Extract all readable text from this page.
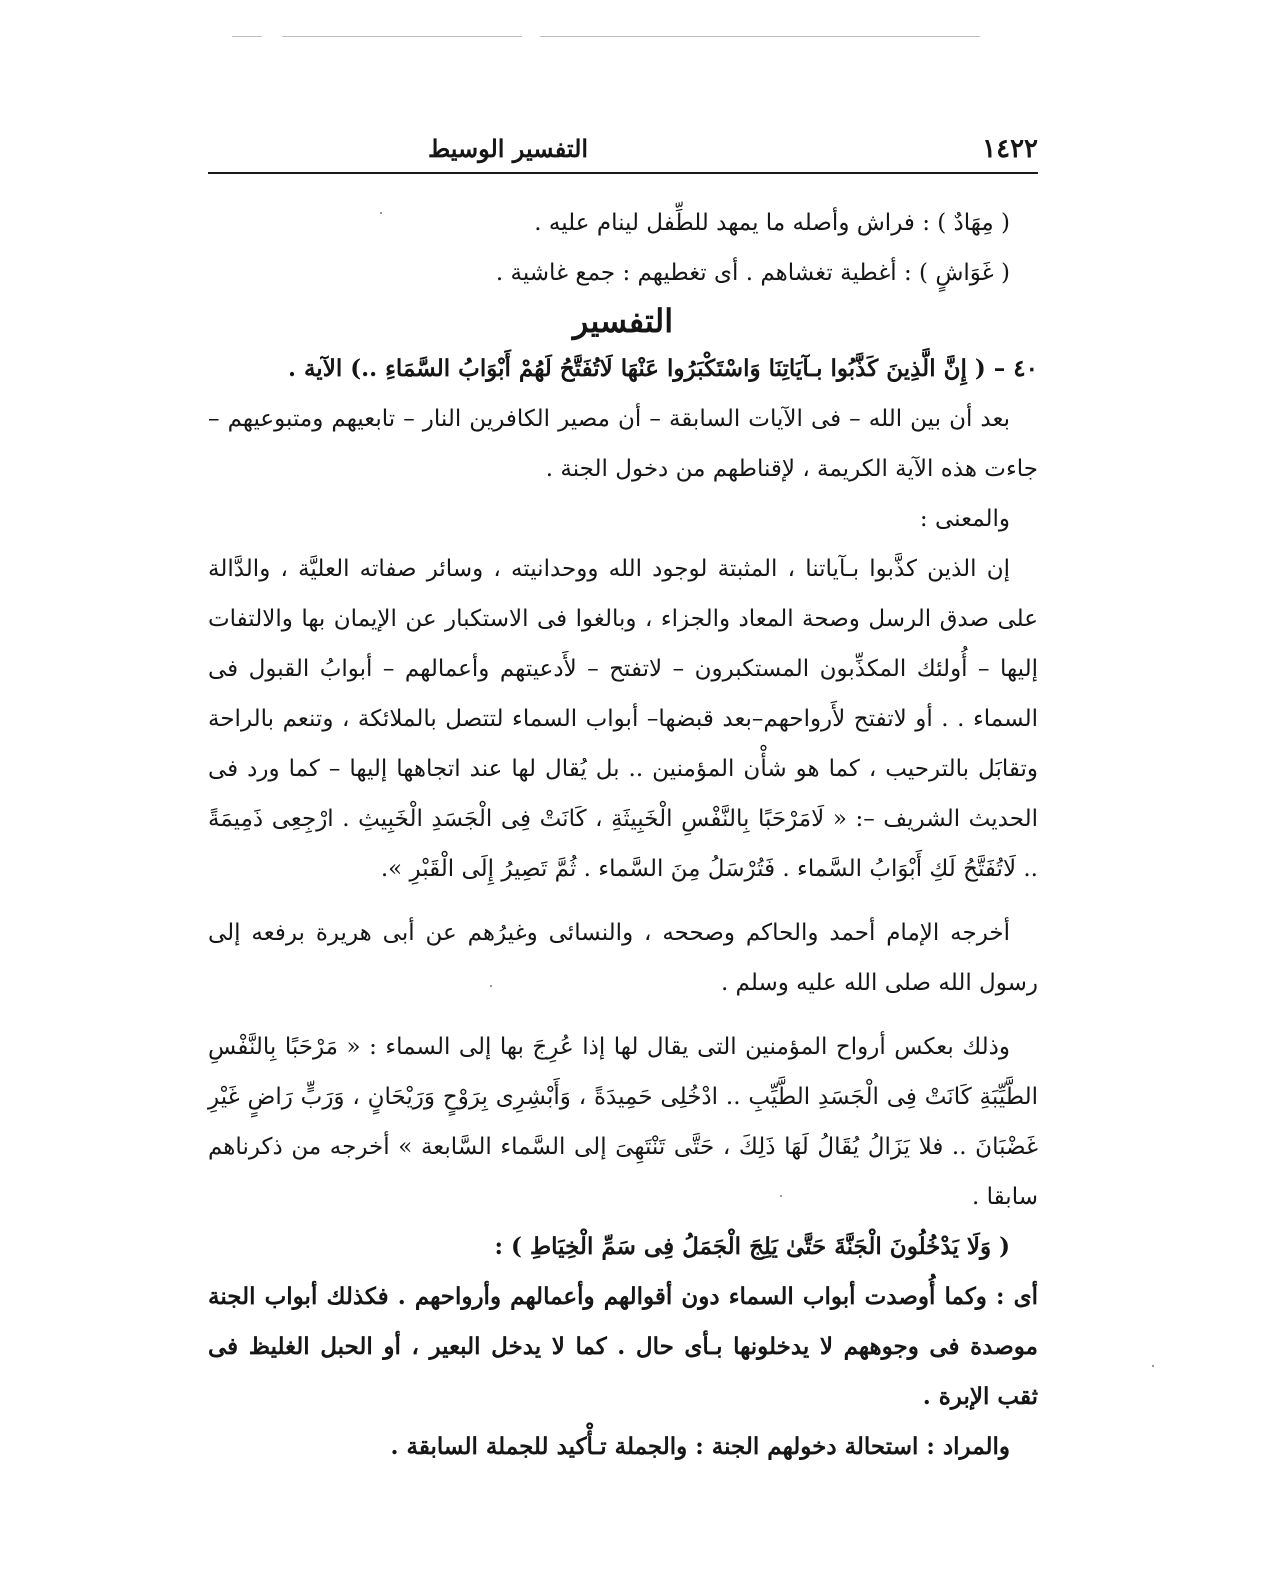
١٤٢٢
التفسير الوسيط

( مِهَادٌ ) : فراش وأصله ما يمهد للطِّفل لينام عليه .

( غَوَاشٍ ) : أغطية تغشاهم . أى تغطيهم : جمع غاشية .

التفسير

٤٠ – ( إِنَّ الَّذِينَ كَذَّبُوا بـآيَاتِنَا وَاسْتَكْبَرُوا عَنْهَا لَاتُفَتَّحُ لَهُمْ أَبْوَابُ السَّمَاءِ ..) الآية .

بعد أن بين الله – فى الآيات السابقة – أن مصير الكافرين النار – تابعيهم ومتبوعيهم – جاءت هذه الآية الكريمة ، لإقناطهم من دخول الجنة .

والمعنى :

إن الذين كذَّبوا بـآياتنا ، المثبتة لوجود الله ووحدانيته ، وسائر صفاته العليَّة ، والدَّالة على صدق الرسل وصحة المعاد والجزاء ، وبالغوا فى الاستكبار عن الإيمان بها والالتفات إليها – أُولئك المكذِّبون المستكبرون – لاتفتح – لأَدعيتهم وأعمالهم – أبوابُ القبول فى السماء . . أو لاتفتح لأَرواحهم–بعد قبضها– أبواب السماء لتتصل بالملائكة ، وتنعم بالراحة وتقابَل بالترحيب ، كما هو شأْن المؤمنين .. بل يُقال لها عند اتجاهها إليها – كما ورد فى الحديث الشريف –: « لَامَرْحَبًا بِالنَّفْسِ الْخَبِيثَةِ ، كَانَتْ فِى الْجَسَدِ الْخَبِيثِ . ارْجِعِى ذَمِيمَةً .. لَاتُفَتَّحُ لَكِ أَبْوَابُ السَّماء . فَتُرْسَلُ مِنَ السَّماء . ثُمَّ تَصِيرُ إِلَى الْقَبْرِ ».

أخرجه الإمام أحمد والحاكم وصححه ، والنسائى وغيرُهم عن أبى هريرة برفعه إلى رسول الله صلى الله عليه وسلم .

وذلك بعكس أرواح المؤمنين التى يقال لها إذا عُرِجَ بها إلى السماء : « مَرْحَبًا بِالنَّفْسِ الطَّيِّبَةِ كَانَتْ فِى الْجَسَدِ الطَّيِّبِ .. ادْخُلِى حَمِيدَةً ، وَأَبْشِرِى بِرَوْحٍ وَرَيْحَانٍ ، وَرَبٍّ رَاضٍ غَيْرِ غَضْبَانَ .. فلا يَزَالُ يُقَالُ لَهَا ذَلِكَ ، حَتَّى تَنْتَهِىَ إلى السَّماء السَّابعة » أخرجه من ذكرناهم سابقا .

( وَلَا يَدْخُلُونَ الْجَنَّةَ حَتَّىٰ يَلِجَ الْجَمَلُ فِى سَمِّ الْخِيَاطِ ) :

أى : وكما أُوصدت أبواب السماء دون أقوالهم وأعمالهم وأرواحهم . فكذلك أبواب الجنة موصدة فى وجوههم لا يدخلونها بـأى حال . كما لا يدخل البعير ، أو الحبل الغليظ فى ثقب الإبرة .

والمراد : استحالة دخولهم الجنة : والجملة تـأْكيد للجملة السابقة .
